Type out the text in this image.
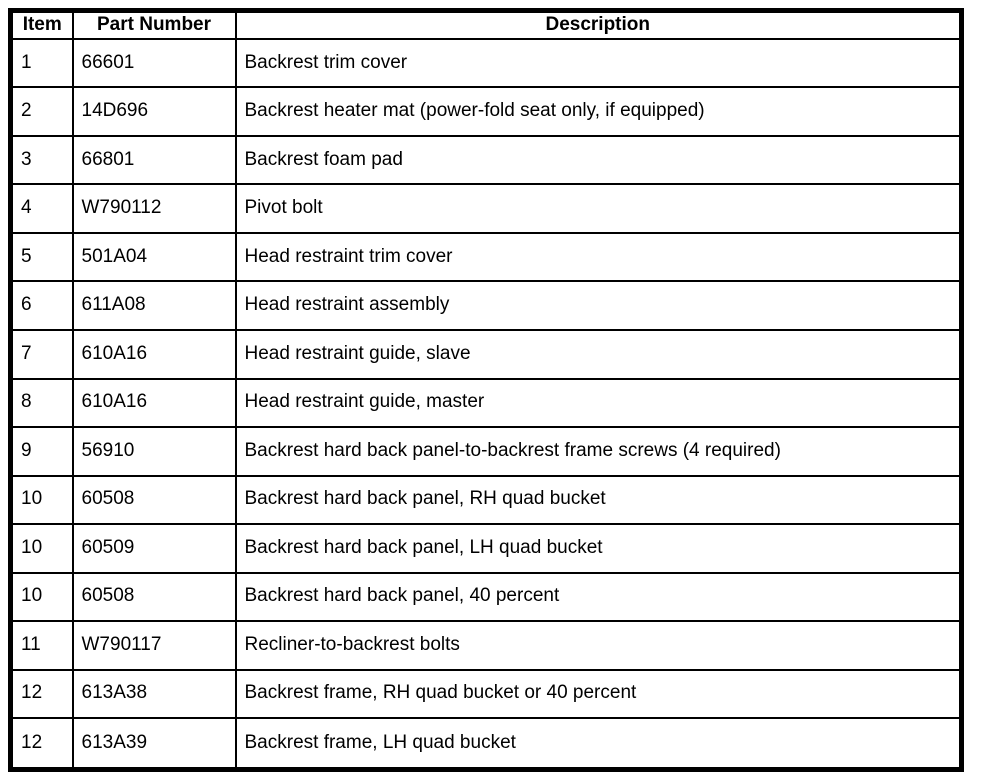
Item	Part Number	Description
1	66601	Backrest trim cover
2	14D696	Backrest heater mat (power-fold seat only, if equipped)
3	66801	Backrest foam pad
4	W790112	Pivot bolt
5	501A04	Head restraint trim cover
6	611A08	Head restraint assembly
7	610A16	Head restraint guide, slave
8	610A16	Head restraint guide, master
9	56910	Backrest hard back panel-to-backrest frame screws (4 required)
10	60508	Backrest hard back panel, RH quad bucket
10	60509	Backrest hard back panel, LH quad bucket
10	60508	Backrest hard back panel, 40 percent
11	W790117	Recliner-to-backrest bolts
12	613A38	Backrest frame, RH quad bucket or 40 percent
12	613A39	Backrest frame, LH quad bucket
